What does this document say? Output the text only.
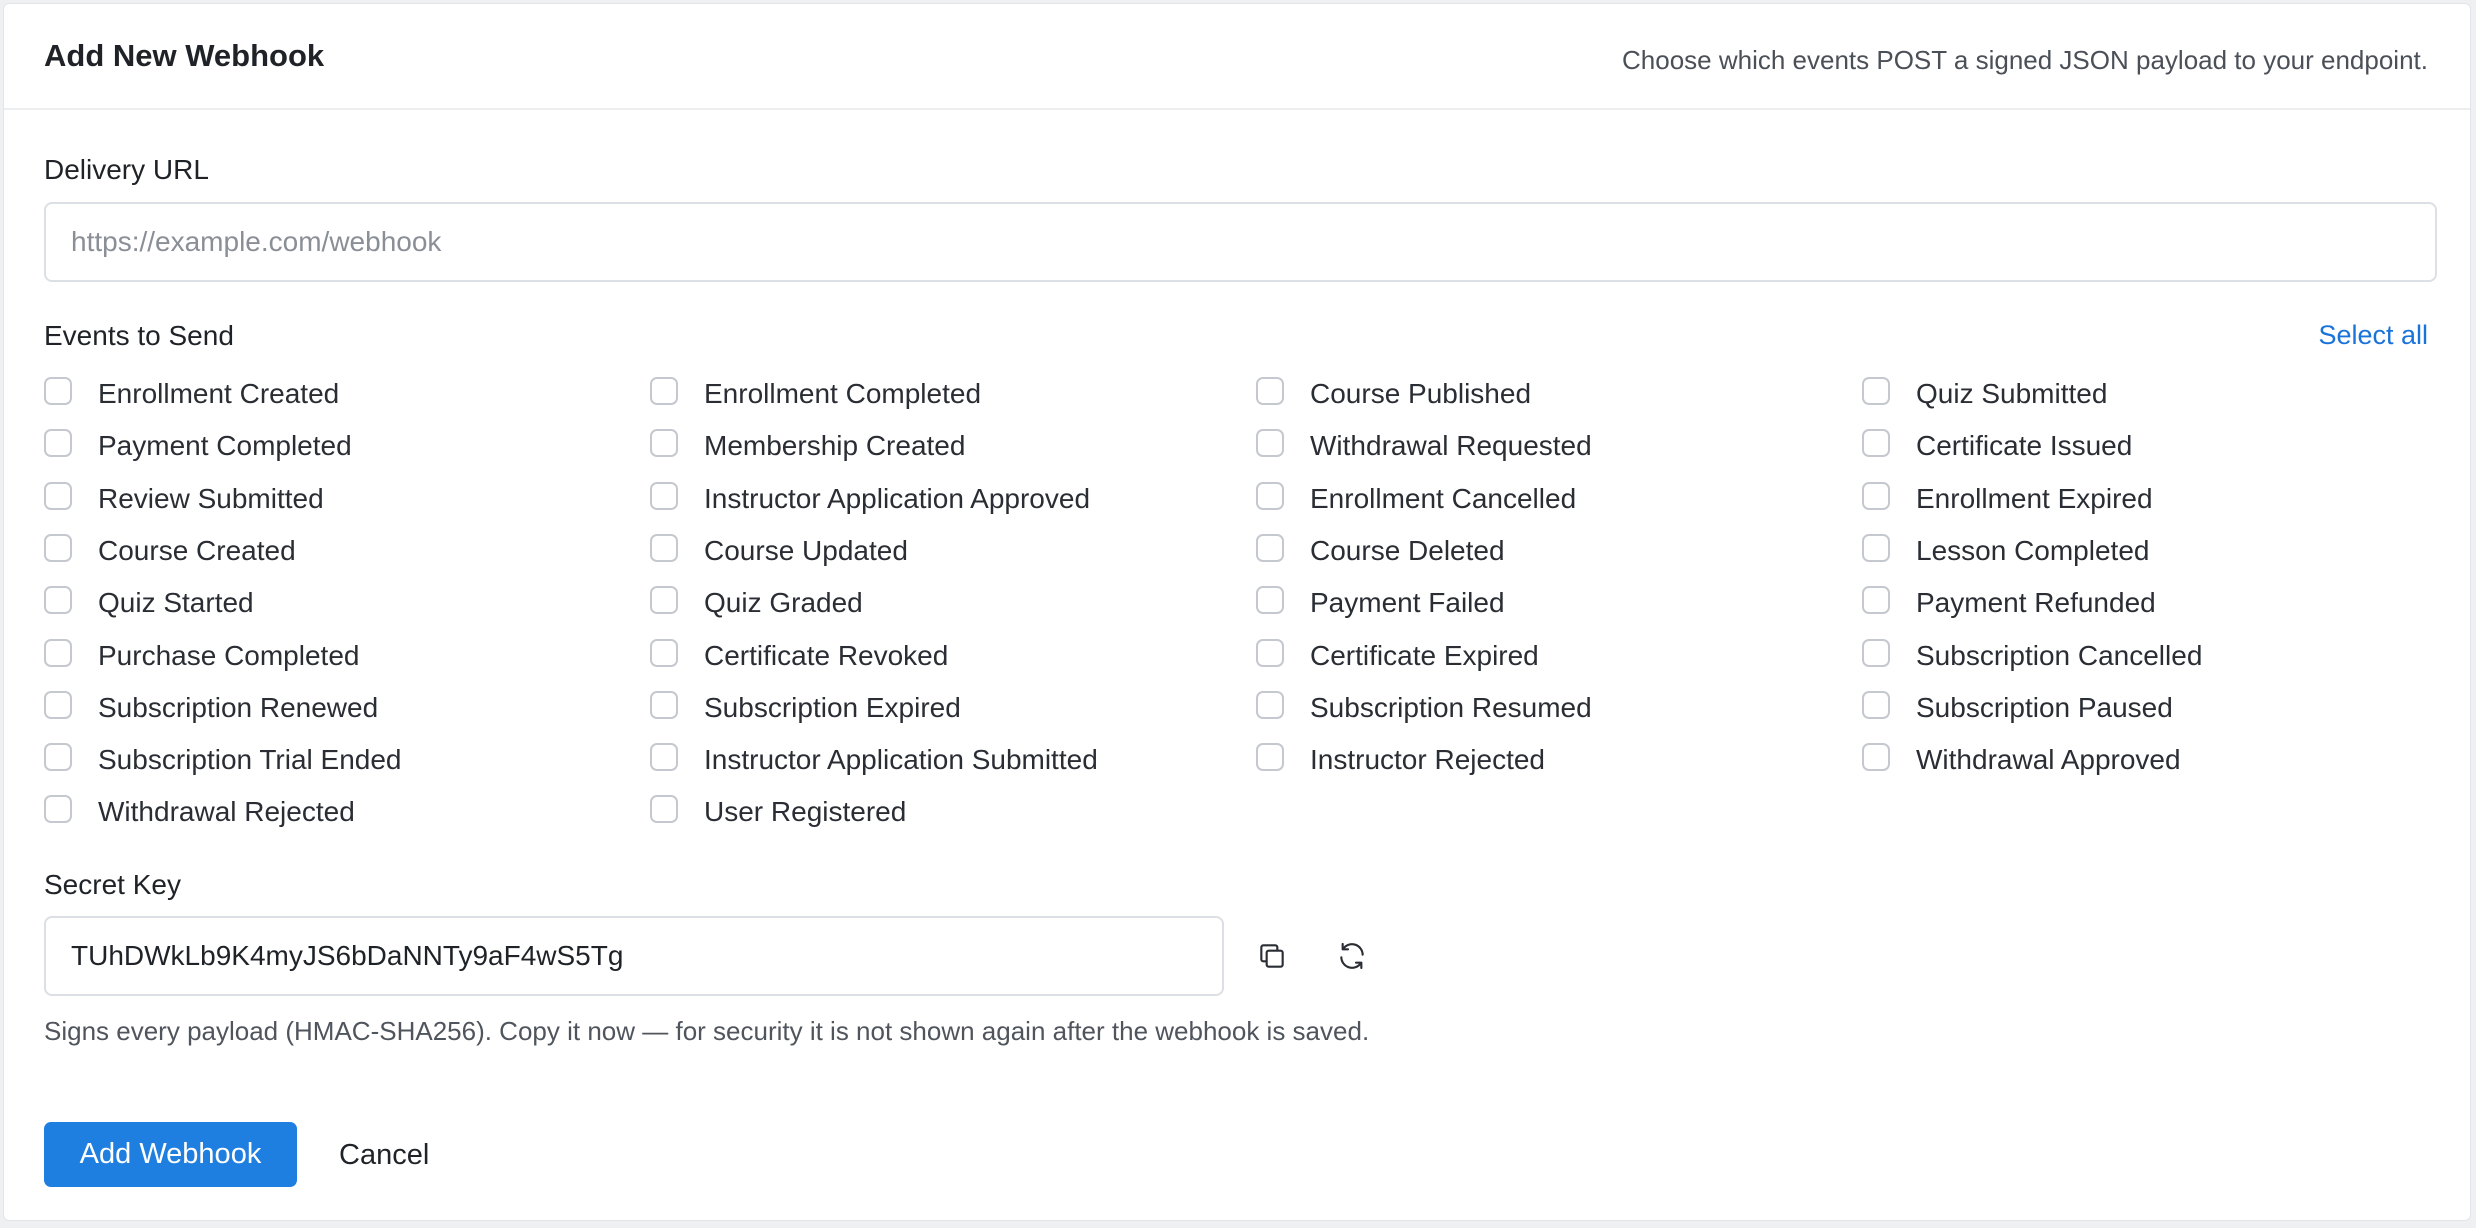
Add New Webhook	Choose which events POST a signed JSON payload to your endpoint.
Delivery URL
https://example.com/webhook
Events to Send	Select all
Enrollment Created	Enrollment Completed	Course Published	Quiz Submitted
Payment Completed	Membership Created	Withdrawal Requested	Certificate Issued
Review Submitted	Instructor Application Approved	Enrollment Cancelled	Enrollment Expired
Course Created	Course Updated	Course Deleted	Lesson Completed
Quiz Started	Quiz Graded	Payment Failed	Payment Refunded
Purchase Completed	Certificate Revoked	Certificate Expired	Subscription Cancelled
Subscription Renewed	Subscription Expired	Subscription Resumed	Subscription Paused
Subscription Trial Ended	Instructor Application Submitted	Instructor Rejected	Withdrawal Approved
Withdrawal Rejected	User Registered
Secret Key
TUhDWkLb9K4myJS6bDaNNTy9aF4wS5Tg
Signs every payload (HMAC-SHA256). Copy it now — for security it is not shown again after the webhook is saved.
Add Webhook	Cancel
